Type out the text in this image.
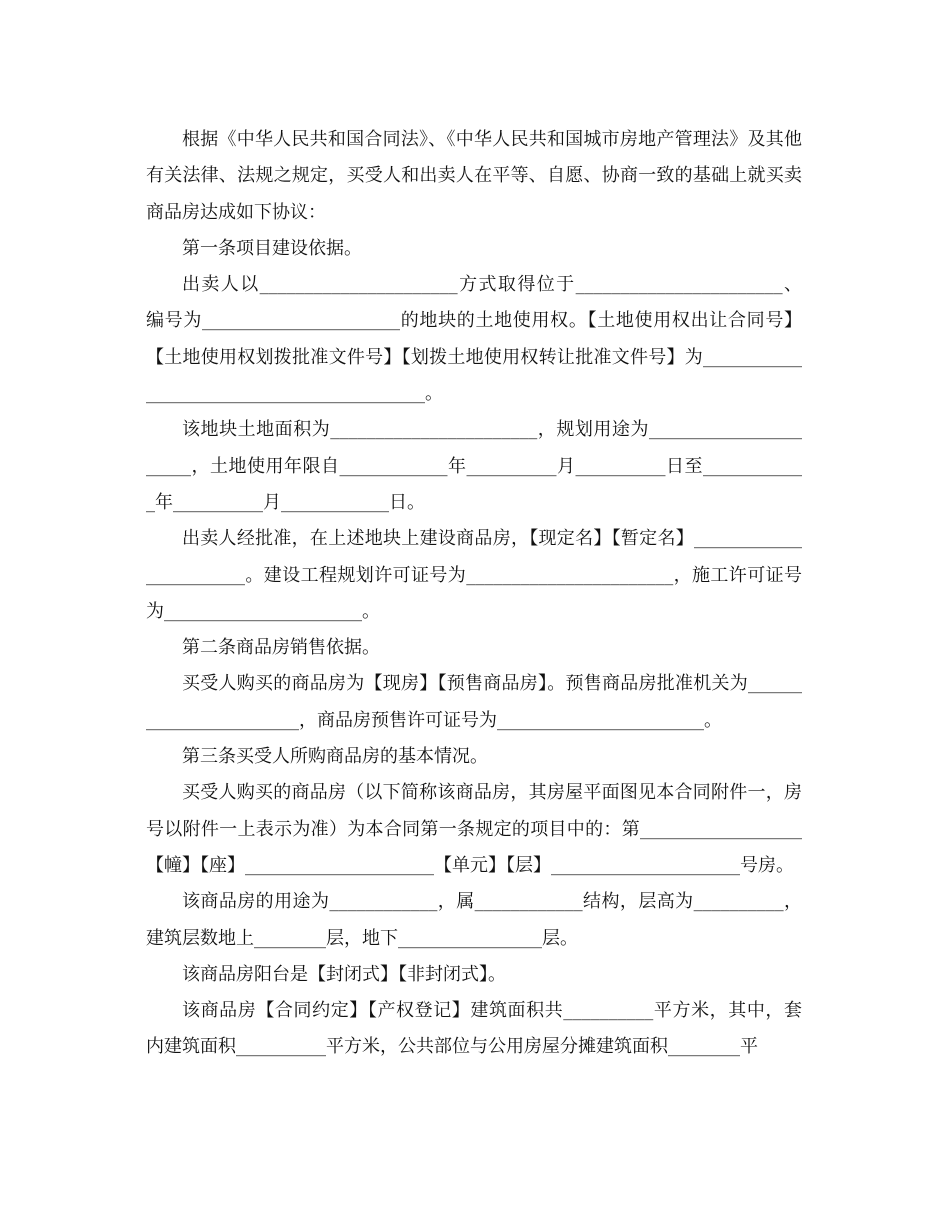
根据《中华人民共和国合同法》、《中华人民共和国城市房地产管理法》及其他有关法律、法规之规定，买受人和出卖人在平等、自愿、协商一致的基础上就买卖商品房达成如下协议：

第一条项目建设依据。

出卖人以______________________方式取得位于_______________________、编号为______________________的地块的土地使用权。【土地使用权出让合同号】【土地使用权划拨批准文件号】【划拨土地使用权转让批准文件号】为__________________________________________。

该地块土地面积为_______________________，规划用途为______________________，土地使用年限自____________年__________月__________日至____________年__________月____________日。

出卖人经批准，在上述地块上建设商品房，【现定名】【暂定名】_______________________。建设工程规划许可证号为_______________________，施工许可证号为______________________。

第二条商品房销售依据。

买受人购买的商品房为【现房】【预售商品房】。预售商品房批准机关为_______________________，商品房预售许可证号为_______________________。

第三条买受人所购商品房的基本情况。

买受人购买的商品房（以下简称该商品房，其房屋平面图见本合同附件一，房号以附件一上表示为准）为本合同第一条规定的项目中的：第__________________【幢】【座】_____________________【单元】【层】_____________________号房。

该商品房的用途为____________，属____________结构，层高为__________，建筑层数地上________层，地下________________层。

该商品房阳台是【封闭式】【非封闭式】。

该商品房【合同约定】【产权登记】建筑面积共__________平方米，其中，套内建筑面积__________平方米，公共部位与公用房屋分摊建筑面积________平
